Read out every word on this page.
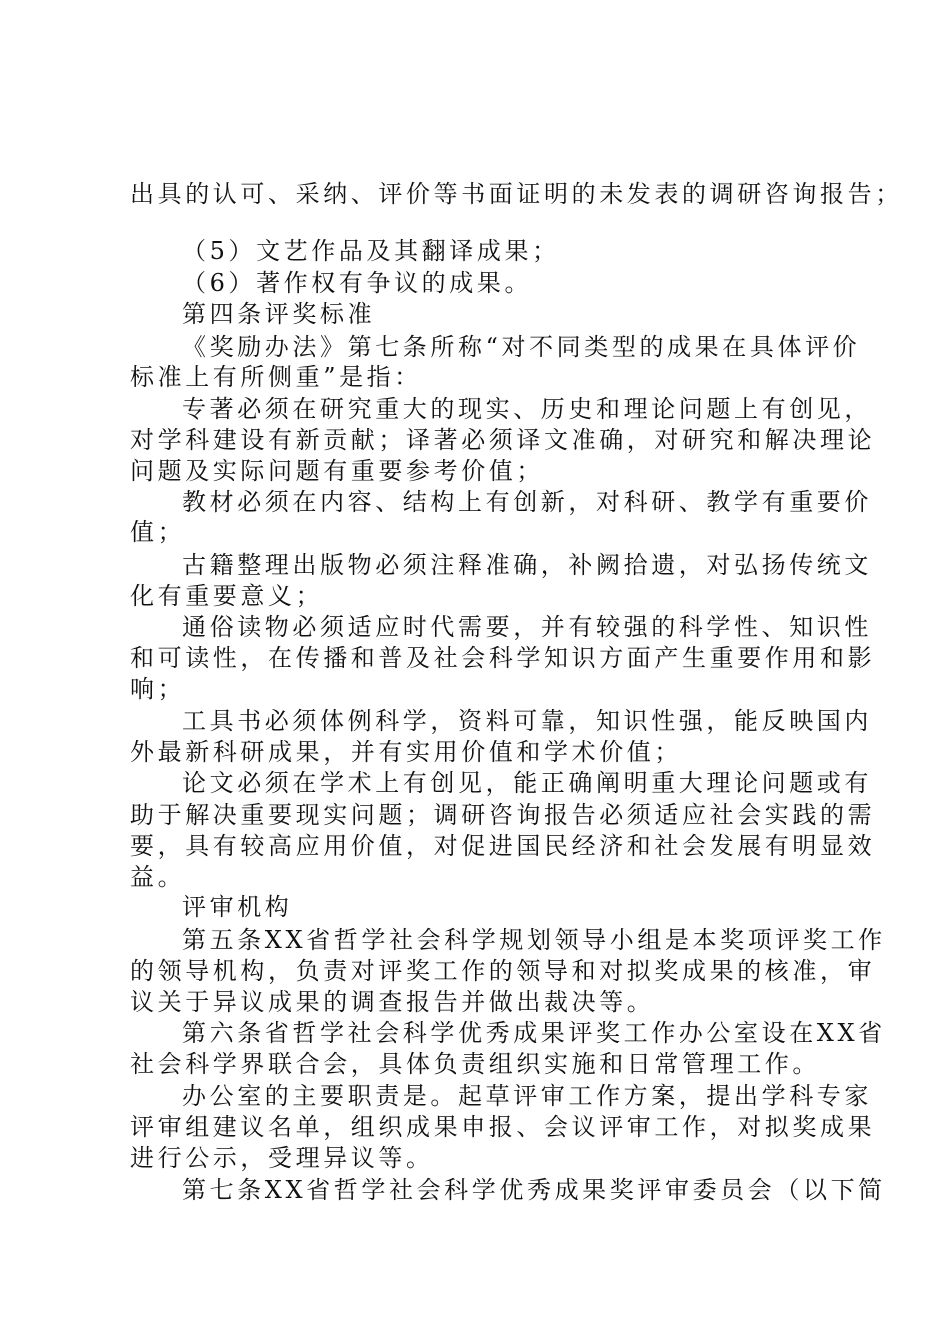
出具的认可、采纳、评价等书面证明的未发表的调研咨询报告；
（5）文艺作品及其翻译成果；
（6）著作权有争议的成果。
第四条评奖标准
《奖励办法》第七条所称“对不同类型的成果在具体评价
标准上有所侧重”是指：
专著必须在研究重大的现实、历史和理论问题上有创见，
对学科建设有新贡献；译著必须译文准确，对研究和解决理论
问题及实际问题有重要参考价值；
教材必须在内容、结构上有创新，对科研、教学有重要价
值；
古籍整理出版物必须注释准确，补阙拾遗，对弘扬传统文
化有重要意义；
通俗读物必须适应时代需要，并有较强的科学性、知识性
和可读性，在传播和普及社会科学知识方面产生重要作用和影
响；
工具书必须体例科学，资料可靠，知识性强，能反映国内
外最新科研成果，并有实用价值和学术价值；
论文必须在学术上有创见，能正确阐明重大理论问题或有
助于解决重要现实问题；调研咨询报告必须适应社会实践的需
要，具有较高应用价值，对促进国民经济和社会发展有明显效
益。
评审机构
第五条XX省哲学社会科学规划领导小组是本奖项评奖工作
的领导机构，负责对评奖工作的领导和对拟奖成果的核准，审
议关于异议成果的调查报告并做出裁决等。
第六条省哲学社会科学优秀成果评奖工作办公室设在XX省
社会科学界联合会，具体负责组织实施和日常管理工作。
办公室的主要职责是。起草评审工作方案，提出学科专家
评审组建议名单，组织成果申报、会议评审工作，对拟奖成果
进行公示，受理异议等。
第七条XX省哲学社会科学优秀成果奖评审委员会（以下简
